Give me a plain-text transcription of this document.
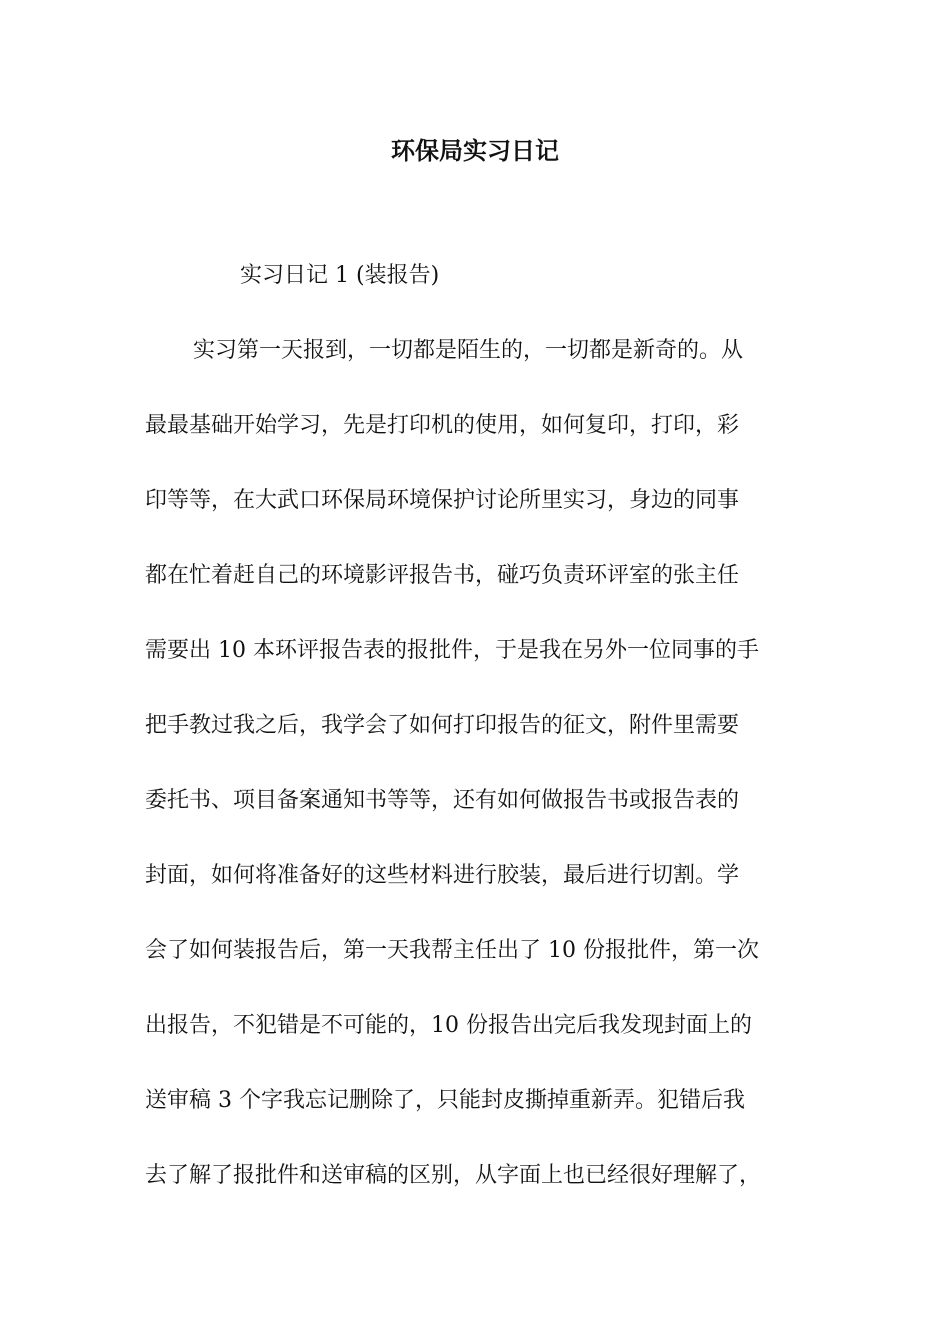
环保局实习日记
实习日记 1 (装报告)
实习第一天报到，一切都是陌生的，一切都是新奇的。从
最最基础开始学习，先是打印机的使用，如何复印，打印，彩
印等等，在大武口环保局环境保护讨论所里实习，身边的同事
都在忙着赶自己的环境影评报告书，碰巧负责环评室的张主任
需要出 10 本环评报告表的报批件，于是我在另外一位同事的手
把手教过我之后，我学会了如何打印报告的征文，附件里需要
委托书、项目备案通知书等等，还有如何做报告书或报告表的
封面，如何将准备好的这些材料进行胶装，最后进行切割。学
会了如何装报告后，第一天我帮主任出了 10 份报批件，第一次
出报告，不犯错是不可能的，10 份报告出完后我发现封面上的
送审稿 3 个字我忘记删除了，只能封皮撕掉重新弄。犯错后我
去了解了报批件和送审稿的区别，从字面上也已经很好理解了，
